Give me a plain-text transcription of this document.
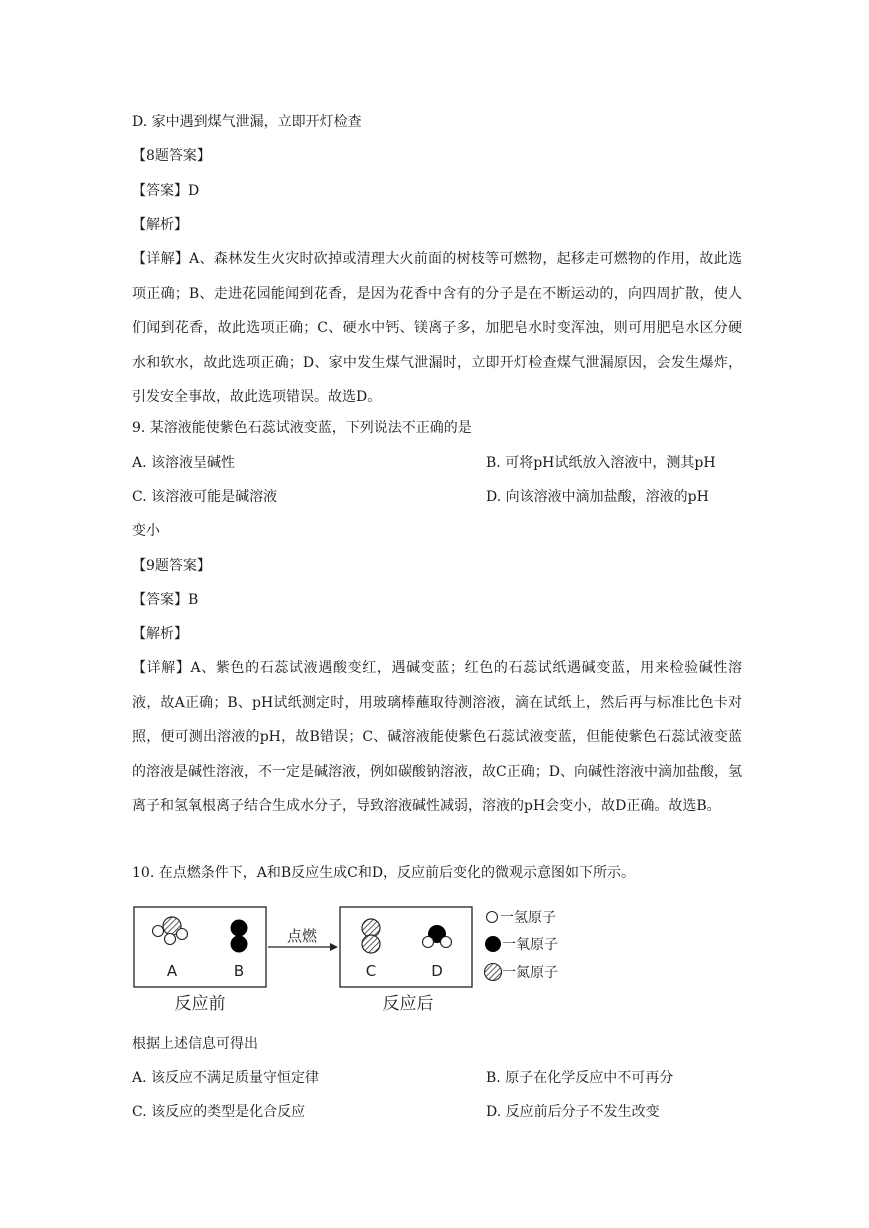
D. 家中遇到煤气泄漏，立即开灯检查
【8题答案】
【答案】D
【解析】
【详解】A、森林发生火灾时砍掉或清理大火前面的树枝等可燃物，起移走可燃物的作用，故此选项正确；B、走进花园能闻到花香，是因为花香中含有的分子是在不断运动的，向四周扩散，使人们闻到花香，故此选项正确；C、硬水中钙、镁离子多，加肥皂水时变浑浊，则可用肥皂水区分硬水和软水，故此选项正确；D、家中发生煤气泄漏时，立即开灯检查煤气泄漏原因，会发生爆炸，引发安全事故，故此选项错误。故选D。
9. 某溶液能使紫色石蕊试液变蓝，下列说法不正确的是
A. 该溶液呈碱性	B. 可将pH试纸放入溶液中，测其pH
C. 该溶液可能是碱溶液	D. 向该溶液中滴加盐酸，溶液的pH
变小
【9题答案】
【答案】B
【解析】
【详解】A、紫色的石蕊试液遇酸变红，遇碱变蓝；红色的石蕊试纸遇碱变蓝，用来检验碱性溶液，故A正确；B、pH试纸测定时，用玻璃棒蘸取待测溶液，滴在试纸上，然后再与标准比色卡对照，便可测出溶液的pH，故B错误；C、碱溶液能使紫色石蕊试液变蓝，但能使紫色石蕊试液变蓝的溶液是碱性溶液，不一定是碱溶液，例如碳酸钠溶液，故C正确；D、向碱性溶液中滴加盐酸，氢离子和氢氧根离子结合生成水分子，导致溶液碱性减弱，溶液的pH会变小，故D正确。故选B。
10. 在点燃条件下，A和B反应生成C和D，反应前后变化的微观示意图如下所示。
A	B
反应前
点燃
C	D
反应后
一氢原子
一氧原子
一氮原子
根据上述信息可得出
A. 该反应不满足质量守恒定律	B. 原子在化学反应中不可再分
C. 该反应的类型是化合反应	D. 反应前后分子不发生改变
